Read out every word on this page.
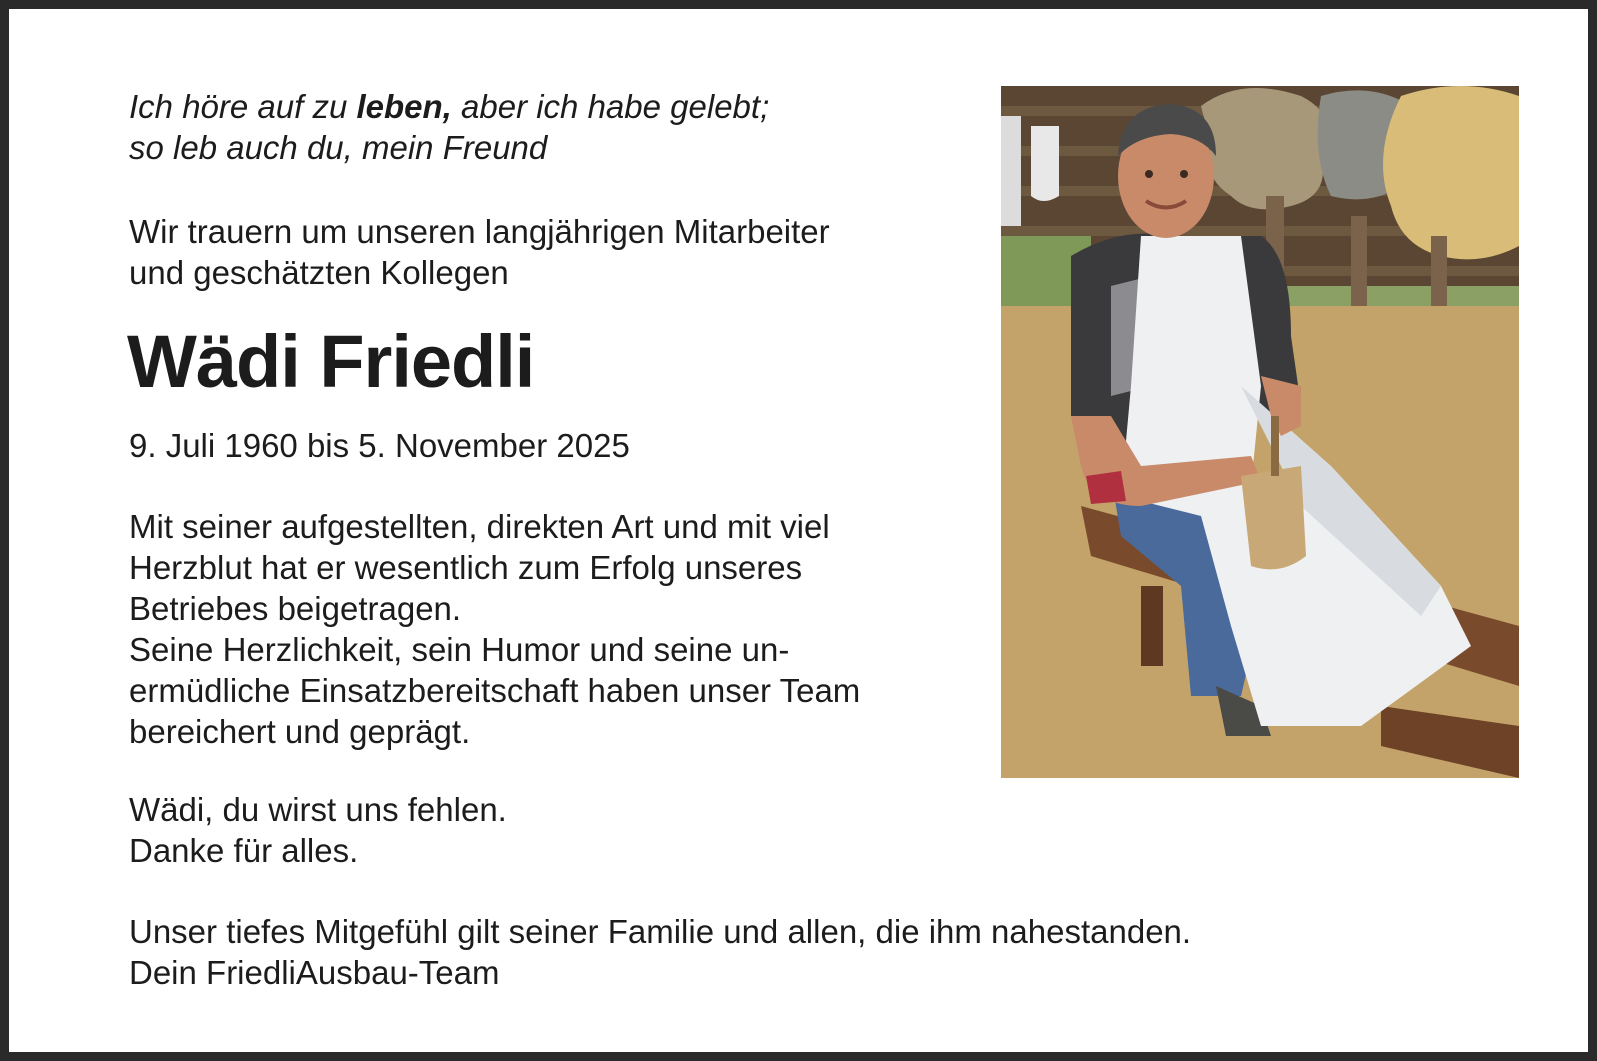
Ich höre auf zu leben, aber ich habe gelebt;
so leb auch du, mein Freund
Wir trauern um unseren langjährigen Mitarbeiter
und geschätzten Kollegen
Wädi Friedli
9. Juli 1960 bis 5. November 2025
Mit seiner aufgestellten, direkten Art und mit viel
Herzblut hat er wesentlich zum Erfolg unseres
Betriebes beigetragen.
Seine Herzlichkeit, sein Humor und seine un-
ermüdliche Einsatzbereitschaft haben unser Team
bereichert und geprägt.
Wädi, du wirst uns fehlen.
Danke für alles.
Unser tiefes Mitgefühl gilt seiner Familie und allen, die ihm nahestanden.
Dein FriedliAusbau-Team
